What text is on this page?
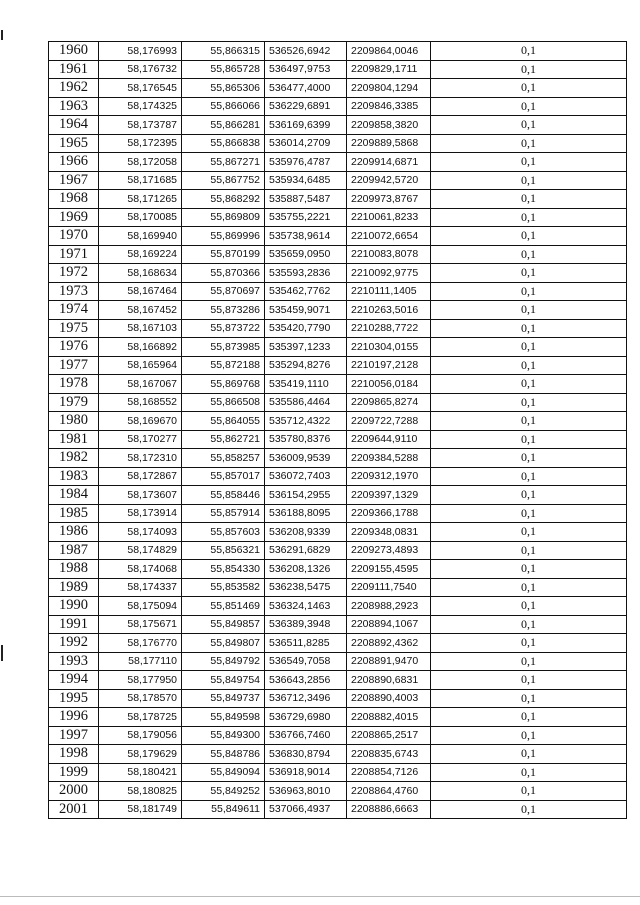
1960	58,176993	55,866315	536526,6942	2209864,0046	0,1
1961	58,176732	55,865728	536497,9753	2209829,1711	0,1
1962	58,176545	55,865306	536477,4000	2209804,1294	0,1
1963	58,174325	55,866066	536229,6891	2209846,3385	0,1
1964	58,173787	55,866281	536169,6399	2209858,3820	0,1
1965	58,172395	55,866838	536014,2709	2209889,5868	0,1
1966	58,172058	55,867271	535976,4787	2209914,6871	0,1
1967	58,171685	55,867752	535934,6485	2209942,5720	0,1
1968	58,171265	55,868292	535887,5487	2209973,8767	0,1
1969	58,170085	55,869809	535755,2221	2210061,8233	0,1
1970	58,169940	55,869996	535738,9614	2210072,6654	0,1
1971	58,169224	55,870199	535659,0950	2210083,8078	0,1
1972	58,168634	55,870366	535593,2836	2210092,9775	0,1
1973	58,167464	55,870697	535462,7762	2210111,1405	0,1
1974	58,167452	55,873286	535459,9071	2210263,5016	0,1
1975	58,167103	55,873722	535420,7790	2210288,7722	0,1
1976	58,166892	55,873985	535397,1233	2210304,0155	0,1
1977	58,165964	55,872188	535294,8276	2210197,2128	0,1
1978	58,167067	55,869768	535419,1110	2210056,0184	0,1
1979	58,168552	55,866508	535586,4464	2209865,8274	0,1
1980	58,169670	55,864055	535712,4322	2209722,7288	0,1
1981	58,170277	55,862721	535780,8376	2209644,9110	0,1
1982	58,172310	55,858257	536009,9539	2209384,5288	0,1
1983	58,172867	55,857017	536072,7403	2209312,1970	0,1
1984	58,173607	55,858446	536154,2955	2209397,1329	0,1
1985	58,173914	55,857914	536188,8095	2209366,1788	0,1
1986	58,174093	55,857603	536208,9339	2209348,0831	0,1
1987	58,174829	55,856321	536291,6829	2209273,4893	0,1
1988	58,174068	55,854330	536208,1326	2209155,4595	0,1
1989	58,174337	55,853582	536238,5475	2209111,7540	0,1
1990	58,175094	55,851469	536324,1463	2208988,2923	0,1
1991	58,175671	55,849857	536389,3948	2208894,1067	0,1
1992	58,176770	55,849807	536511,8285	2208892,4362	0,1
1993	58,177110	55,849792	536549,7058	2208891,9470	0,1
1994	58,177950	55,849754	536643,2856	2208890,6831	0,1
1995	58,178570	55,849737	536712,3496	2208890,4003	0,1
1996	58,178725	55,849598	536729,6980	2208882,4015	0,1
1997	58,179056	55,849300	536766,7460	2208865,2517	0,1
1998	58,179629	55,848786	536830,8794	2208835,6743	0,1
1999	58,180421	55,849094	536918,9014	2208854,7126	0,1
2000	58,180825	55,849252	536963,8010	2208864,4760	0,1
2001	58,181749	55,849611	537066,4937	2208886,6663	0,1
